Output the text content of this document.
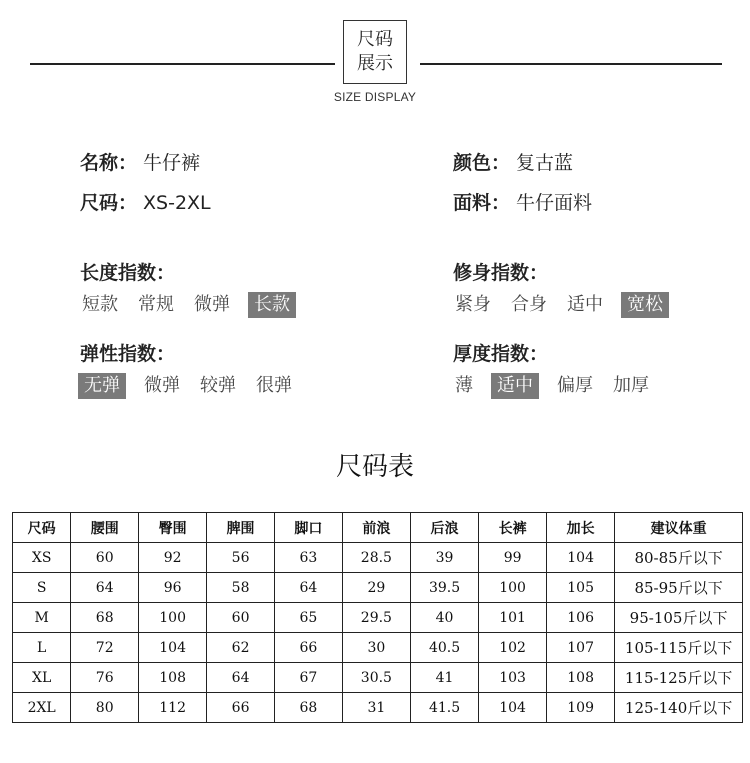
尺码
展示
SIZE DISPLAY
名称： 牛仔裤	颜色： 复古蓝
尺码： XS-2XL	面料： 牛仔面料
长度指数：
短款 常规 微弹	长款
修身指数：
紧身 合身 适中	宽松
弹性指数：
无弹	微弹 较弹 很弹
厚度指数：
薄	适中	偏厚 加厚
尺码表
尺码	腰围	臀围	脾围	脚口	前浪	后浪	长裤	加长	建议体重
XS	60	92	56	63	28.5	39	99	104	80-85斤以下
S	64	96	58	64	29	39.5	100	105	85-95斤以下
M	68	100	60	65	29.5	40	101	106	95-105斤以下
L	72	104	62	66	30	40.5	102	107	105-115斤以下
XL	76	108	64	67	30.5	41	103	108	115-125斤以下
2XL	80	112	66	68	31	41.5	104	109	125-140斤以下
